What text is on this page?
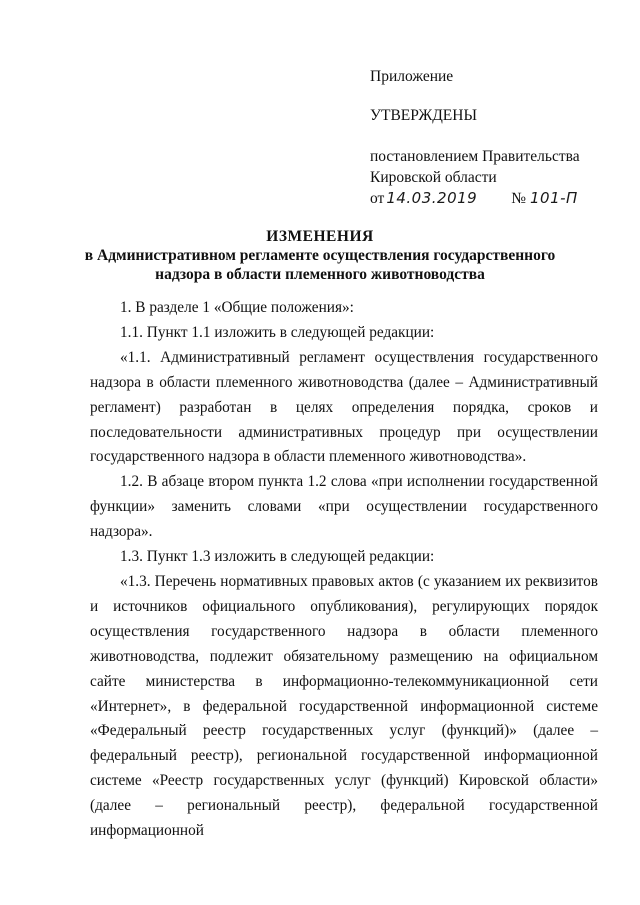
Приложение
УТВЕРЖДЕНЫ
постановлением Правительства
Кировской области
от 14.03.2019 № 101-П
ИЗМЕНЕНИЯ
в Административном регламенте осуществления государственного надзора в области племенного животноводства

1. В разделе 1 «Общие положения»:

1.1. Пункт 1.1 изложить в следующей редакции:

«1.1. Административный регламент осуществления государственного надзора в области племенного животноводства (далее – Административный регламент) разработан в целях определения порядка, сроков и последовательности административных процедур при осуществлении государственного надзора в области племенного животноводства».

1.2. В абзаце втором пункта 1.2 слова «при исполнении государственной функции» заменить словами «при осуществлении государственного надзора».

1.3. Пункт 1.3 изложить в следующей редакции:

«1.3. Перечень нормативных правовых актов (с указанием их реквизитов и источников официального опубликования), регулирующих порядок осуществления государственного надзора в области племенного животноводства, подлежит обязательному размещению на официальном сайте министерства в информационно-телекоммуникационной сети «Интернет», в федеральной государственной информационной системе «Федеральный реестр государственных услуг (функций)» (далее – федеральный реестр), региональной государственной информационной системе «Реестр государственных услуг (функций) Кировской области» (далее – региональный реестр), федеральной государственной информационной
